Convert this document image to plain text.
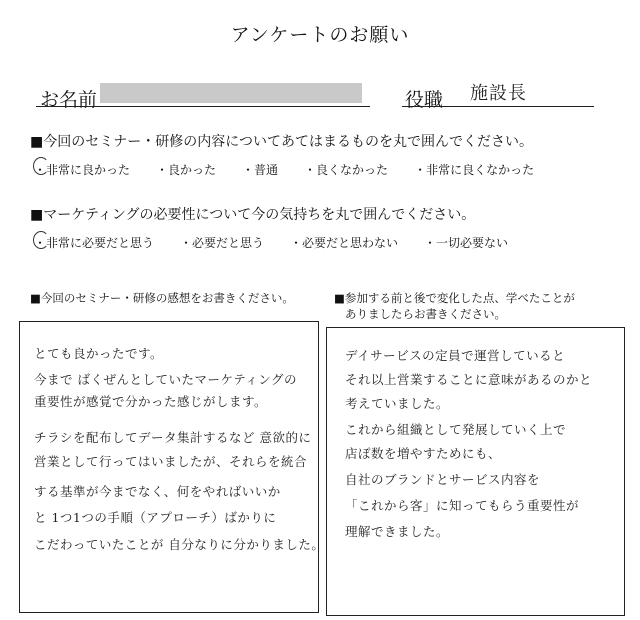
アンケートのお願い
お名前	役職 施設長
■今回のセミナー・研修の内容についてあてはまるものを丸で囲んでください。
・非常に良かった ・良かった ・普通 ・良くなかった ・非常に良くなかった
■マーケティングの必要性について今の気持ちを丸で囲んでください。
・非常に必要だと思う ・必要だと思う ・必要だと思わない ・一切必要ない
■今回のセミナー・研修の感想をお書きください。
とても良かったです。
今まで ばくぜんとしていたマーケティングの
重要性が感覚で分かった感じがします。
チラシを配布してデータ集計するなど 意欲的に
営業として行ってはいましたが、それらを統合
する基準が今までなく、何をやればいいか
と 1つ1つの手順（アプローチ）ばかりに
こだわっていたことが 自分なりに分かりました。
■参加する前と後で変化した点、学べたことが
ありましたらお書きください。
デイサービスの定員で運営していると
それ以上営業することに意味があるのかと
考えていました。
これから組織として発展していく上で
店ぽ数を増やすためにも、
自社のブランドとサービス内容を
「これから客」に知ってもらう重要性が
理解できました。
